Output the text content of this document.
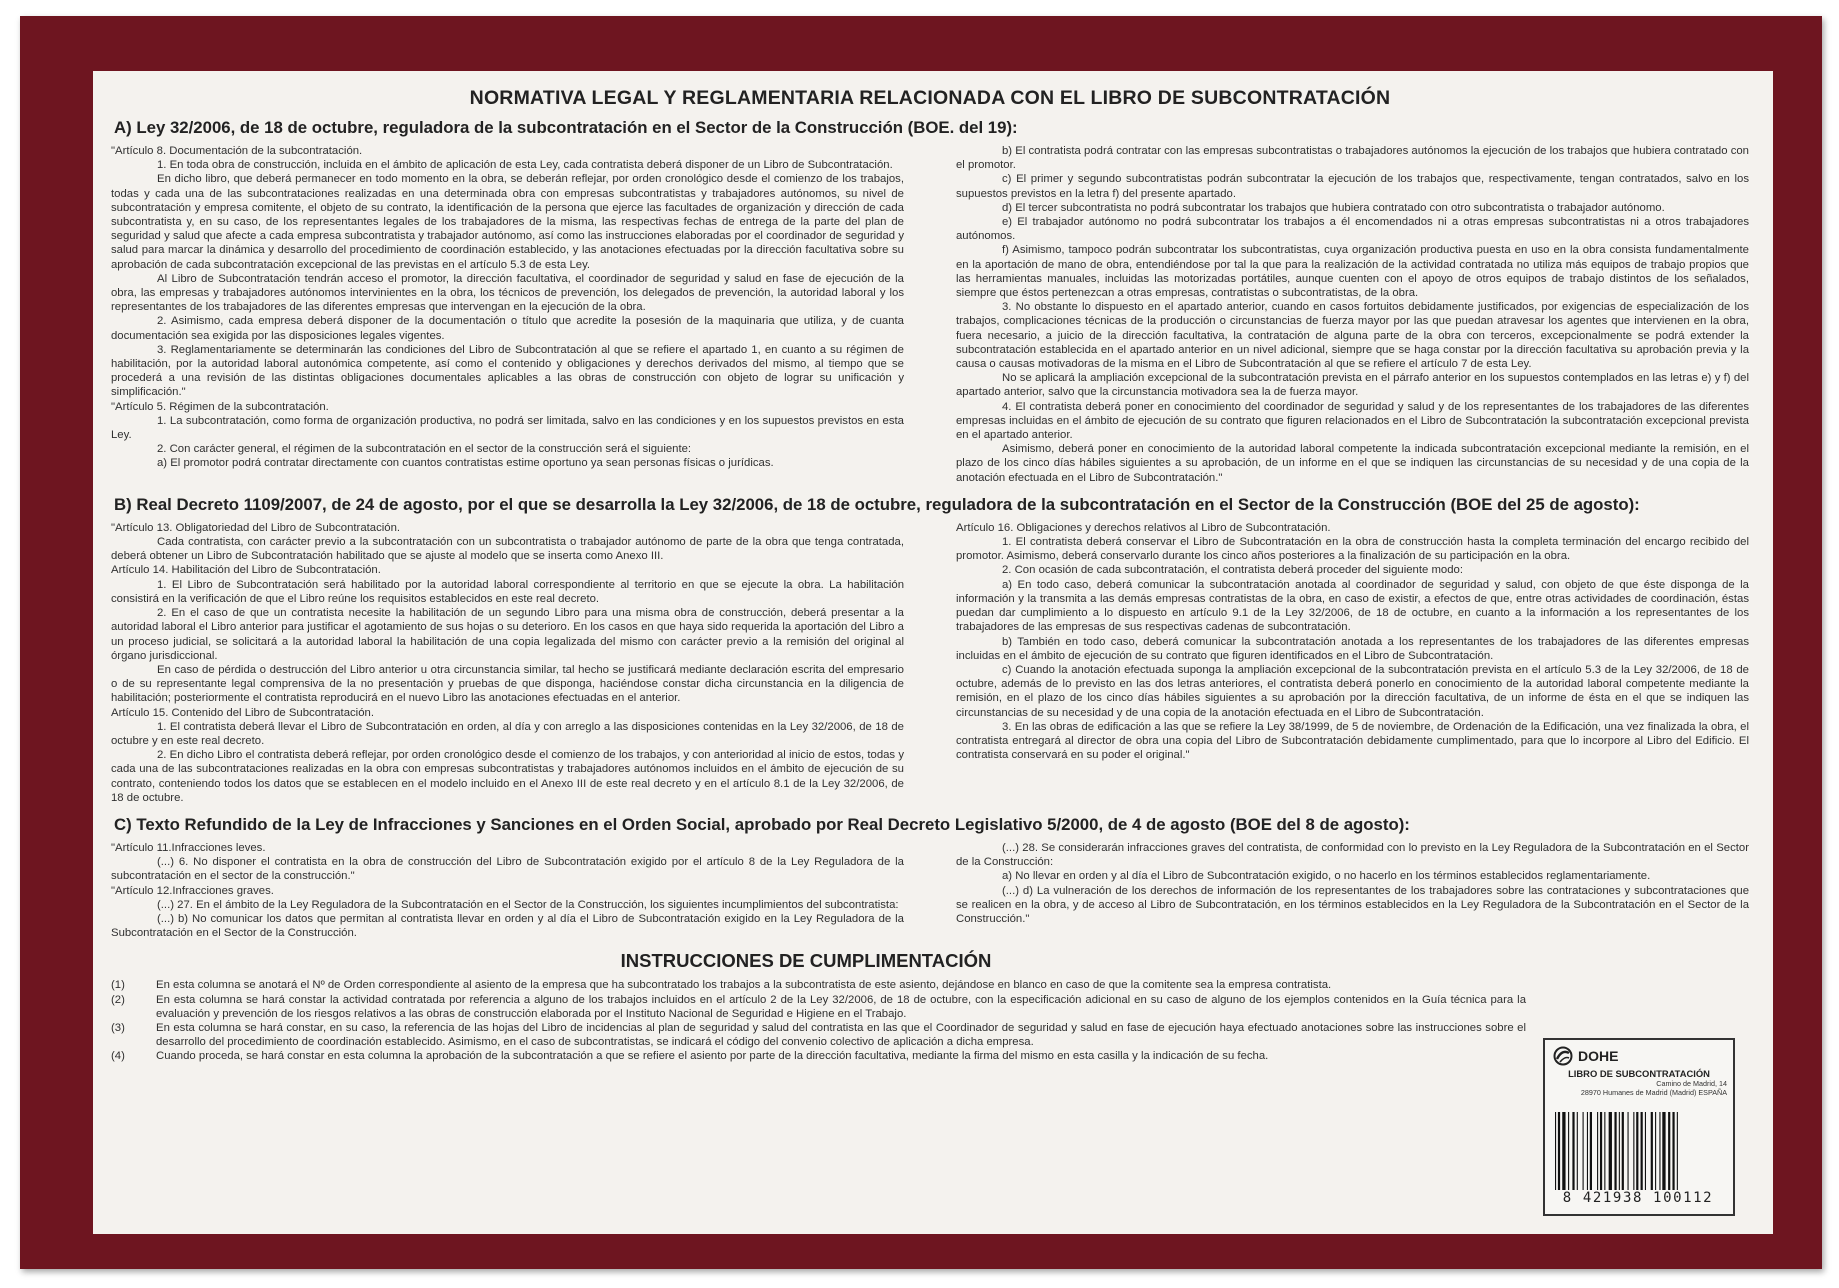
NORMATIVA LEGAL Y REGLAMENTARIA RELACIONADA CON EL LIBRO DE SUBCONTRATACIÓN
A) Ley 32/2006, de 18 de octubre, reguladora de la subcontratación en el Sector de la Construcción (BOE. del 19):

"Artículo 8. Documentación de la subcontratación.

1. En toda obra de construcción, incluida en el ámbito de aplicación de esta Ley, cada contratista deberá disponer de un Libro de Subcontratación.

En dicho libro, que deberá permanecer en todo momento en la obra, se deberán reflejar, por orden cronológico desde el comienzo de los trabajos, todas y cada una de las subcontrataciones realizadas en una determinada obra con empresas subcontratistas y trabajadores autónomos, su nivel de subcontratación y empresa comitente, el objeto de su contrato, la identificación de la persona que ejerce las facultades de organización y dirección de cada subcontratista y, en su caso, de los representantes legales de los trabajadores de la misma, las respectivas fechas de entrega de la parte del plan de seguridad y salud que afecte a cada empresa subcontratista y trabajador autónomo, así como las instrucciones elaboradas por el coordinador de seguridad y salud para marcar la dinámica y desarrollo del procedimiento de coordinación establecido, y las anotaciones efectuadas por la dirección facultativa sobre su aprobación de cada subcontratación excepcional de las previstas en el artículo 5.3 de esta Ley.

Al Libro de Subcontratación tendrán acceso el promotor, la dirección facultativa, el coordinador de seguridad y salud en fase de ejecución de la obra, las empresas y trabajadores autónomos intervinientes en la obra, los técnicos de prevención, los delegados de prevención, la autoridad laboral y los representantes de los trabajadores de las diferentes empresas que intervengan en la ejecución de la obra.

2. Asimismo, cada empresa deberá disponer de la documentación o título que acredite la posesión de la maquinaria que utiliza, y de cuanta documentación sea exigida por las disposiciones legales vigentes.

3. Reglamentariamente se determinarán las condiciones del Libro de Subcontratación al que se refiere el apartado 1, en cuanto a su régimen de habilitación, por la autoridad laboral autonómica competente, así como el contenido y obligaciones y derechos derivados del mismo, al tiempo que se procederá a una revisión de las distintas obligaciones documentales aplicables a las obras de construcción con objeto de lograr su unificación y simplificación."

"Artículo 5. Régimen de la subcontratación.

1. La subcontratación, como forma de organización productiva, no podrá ser limitada, salvo en las condiciones y en los supuestos previstos en esta Ley.

2. Con carácter general, el régimen de la subcontratación en el sector de la construcción será el siguiente:

a) El promotor podrá contratar directamente con cuantos contratistas estime oportuno ya sean personas físicas o jurídicas.

b) El contratista podrá contratar con las empresas subcontratistas o trabajadores autónomos la ejecución de los trabajos que hubiera contratado con el promotor.

c) El primer y segundo subcontratistas podrán subcontratar la ejecución de los trabajos que, respectivamente, tengan contratados, salvo en los supuestos previstos en la letra f) del presente apartado.

d) El tercer subcontratista no podrá subcontratar los trabajos que hubiera contratado con otro subcontratista o trabajador autónomo.

e) El trabajador autónomo no podrá subcontratar los trabajos a él encomendados ni a otras empresas subcontratistas ni a otros trabajadores autónomos.

f) Asimismo, tampoco podrán subcontratar los subcontratistas, cuya organización productiva puesta en uso en la obra consista fundamentalmente en la aportación de mano de obra, entendiéndose por tal la que para la realización de la actividad contratada no utiliza más equipos de trabajo propios que las herramientas manuales, incluidas las motorizadas portátiles, aunque cuenten con el apoyo de otros equipos de trabajo distintos de los señalados, siempre que éstos pertenezcan a otras empresas, contratistas o subcontratistas, de la obra.

3. No obstante lo dispuesto en el apartado anterior, cuando en casos fortuitos debidamente justificados, por exigencias de especialización de los trabajos, complicaciones técnicas de la producción o circunstancias de fuerza mayor por las que puedan atravesar los agentes que intervienen en la obra, fuera necesario, a juicio de la dirección facultativa, la contratación de alguna parte de la obra con terceros, excepcionalmente se podrá extender la subcontratación establecida en el apartado anterior en un nivel adicional, siempre que se haga constar por la dirección facultativa su aprobación previa y la causa o causas motivadoras de la misma en el Libro de Subcontratación al que se refiere el artículo 7 de esta Ley.

No se aplicará la ampliación excepcional de la subcontratación prevista en el párrafo anterior en los supuestos contemplados en las letras e) y f) del apartado anterior, salvo que la circunstancia motivadora sea la de fuerza mayor.

4. El contratista deberá poner en conocimiento del coordinador de seguridad y salud y de los representantes de los trabajadores de las diferentes empresas incluidas en el ámbito de ejecución de su contrato que figuren relacionados en el Libro de Subcontratación la subcontratación excepcional prevista en el apartado anterior.

Asimismo, deberá poner en conocimiento de la autoridad laboral competente la indicada subcontratación excepcional mediante la remisión, en el plazo de los cinco días hábiles siguientes a su aprobación, de un informe en el que se indiquen las circunstancias de su necesidad y de una copia de la anotación efectuada en el Libro de Subcontratación."

B) Real Decreto 1109/2007, de 24 de agosto, por el que se desarrolla la Ley 32/2006, de 18 de octubre, reguladora de la subcontratación en el Sector de la Construcción (BOE del 25 de agosto):

"Artículo 13. Obligatoriedad del Libro de Subcontratación.

Cada contratista, con carácter previo a la subcontratación con un subcontratista o trabajador autónomo de parte de la obra que tenga contratada, deberá obtener un Libro de Subcontratación habilitado que se ajuste al modelo que se inserta como Anexo III.

Artículo 14. Habilitación del Libro de Subcontratación.

1. El Libro de Subcontratación será habilitado por la autoridad laboral correspondiente al territorio en que se ejecute la obra. La habilitación consistirá en la verificación de que el Libro reúne los requisitos establecidos en este real decreto.

2. En el caso de que un contratista necesite la habilitación de un segundo Libro para una misma obra de construcción, deberá presentar a la autoridad laboral el Libro anterior para justificar el agotamiento de sus hojas o su deterioro. En los casos en que haya sido requerida la aportación del Libro a un proceso judicial, se solicitará a la autoridad laboral la habilitación de una copia legalizada del mismo con carácter previo a la remisión del original al órgano jurisdiccional.

En caso de pérdida o destrucción del Libro anterior u otra circunstancia similar, tal hecho se justificará mediante declaración escrita del empresario o de su representante legal comprensiva de la no presentación y pruebas de que disponga, haciéndose constar dicha circunstancia en la diligencia de habilitación; posteriormente el contratista reproducirá en el nuevo Libro las anotaciones efectuadas en el anterior.

Artículo 15. Contenido del Libro de Subcontratación.

1. El contratista deberá llevar el Libro de Subcontratación en orden, al día y con arreglo a las disposiciones contenidas en la Ley 32/2006, de 18 de octubre y en este real decreto.

2. En dicho Libro el contratista deberá reflejar, por orden cronológico desde el comienzo de los trabajos, y con anterioridad al inicio de estos, todas y cada una de las subcontrataciones realizadas en la obra con empresas subcontratistas y trabajadores autónomos incluidos en el ámbito de ejecución de su contrato, conteniendo todos los datos que se establecen en el modelo incluido en el Anexo III de este real decreto y en el artículo 8.1 de la Ley 32/2006, de 18 de octubre.

Artículo 16. Obligaciones y derechos relativos al Libro de Subcontratación.

1. El contratista deberá conservar el Libro de Subcontratación en la obra de construcción hasta la completa terminación del encargo recibido del promotor. Asimismo, deberá conservarlo durante los cinco años posteriores a la finalización de su participación en la obra.

2. Con ocasión de cada subcontratación, el contratista deberá proceder del siguiente modo:

a) En todo caso, deberá comunicar la subcontratación anotada al coordinador de seguridad y salud, con objeto de que éste disponga de la información y la transmita a las demás empresas contratistas de la obra, en caso de existir, a efectos de que, entre otras actividades de coordinación, éstas puedan dar cumplimiento a lo dispuesto en artículo 9.1 de la Ley 32/2006, de 18 de octubre, en cuanto a la información a los representantes de los trabajadores de las empresas de sus respectivas cadenas de subcontratación.

b) También en todo caso, deberá comunicar la subcontratación anotada a los representantes de los trabajadores de las diferentes empresas incluidas en el ámbito de ejecución de su contrato que figuren identificados en el Libro de Subcontratación.

c) Cuando la anotación efectuada suponga la ampliación excepcional de la subcontratación prevista en el artículo 5.3 de la Ley 32/2006, de 18 de octubre, además de lo previsto en las dos letras anteriores, el contratista deberá ponerlo en conocimiento de la autoridad laboral competente mediante la remisión, en el plazo de los cinco días hábiles siguientes a su aprobación por la dirección facultativa, de un informe de ésta en el que se indiquen las circunstancias de su necesidad y de una copia de la anotación efectuada en el Libro de Subcontratación.

3. En las obras de edificación a las que se refiere la Ley 38/1999, de 5 de noviembre, de Ordenación de la Edificación, una vez finalizada la obra, el contratista entregará al director de obra una copia del Libro de Subcontratación debidamente cumplimentado, para que lo incorpore al Libro del Edificio. El contratista conservará en su poder el original."

C) Texto Refundido de la Ley de Infracciones y Sanciones en el Orden Social, aprobado por Real Decreto Legislativo 5/2000, de 4 de agosto (BOE del 8 de agosto):

"Artículo 11.Infracciones leves.

(...) 6. No disponer el contratista en la obra de construcción del Libro de Subcontratación exigido por el artículo 8 de la Ley Reguladora de la subcontratación en el sector de la construcción."

"Artículo 12.Infracciones graves.

(...) 27. En el ámbito de la Ley Reguladora de la Subcontratación en el Sector de la Construcción, los siguientes incumplimientos del subcontratista:

(...) b) No comunicar los datos que permitan al contratista llevar en orden y al día el Libro de Subcontratación exigido en la Ley Reguladora de la Subcontratación en el Sector de la Construcción.

(...) 28. Se considerarán infracciones graves del contratista, de conformidad con lo previsto en la Ley Reguladora de la Subcontratación en el Sector de la Construcción:

a) No llevar en orden y al día el Libro de Subcontratación exigido, o no hacerlo en los términos establecidos reglamentariamente.

(...) d) La vulneración de los derechos de información de los representantes de los trabajadores sobre las contrataciones y subcontrataciones que se realicen en la obra, y de acceso al Libro de Subcontratación, en los términos establecidos en la Ley Reguladora de la Subcontratación en el Sector de la Construcción."

INSTRUCCIONES DE CUMPLIMENTACIÓN
(1)	En esta columna se anotará el Nº de Orden correspondiente al asiento de la empresa que ha subcontratado los trabajos a la subcontratista de este asiento, dejándose en blanco en caso de que la comitente sea la empresa contratista.
(2)	En esta columna se hará constar la actividad contratada por referencia a alguno de los trabajos incluidos en el artículo 2 de la Ley 32/2006, de 18 de octubre, con la especificación adicional en su caso de alguno de los ejemplos contenidos en la Guía técnica para la evaluación y prevención de los riesgos relativos a las obras de construcción elaborada por el Instituto Nacional de Seguridad e Higiene en el Trabajo.
(3)	En esta columna se hará constar, en su caso, la referencia de las hojas del Libro de incidencias al plan de seguridad y salud del contratista en las que el Coordinador de seguridad y salud en fase de ejecución haya efectuado anotaciones sobre las instrucciones sobre el desarrollo del procedimiento de coordinación establecido. Asimismo, en el caso de subcontratistas, se indicará el código del convenio colectivo de aplicación a dicha empresa.
(4)	Cuando proceda, se hará constar en esta columna la aprobación de la subcontratación a que se refiere el asiento por parte de la dirección facultativa, mediante la firma del mismo en esta casilla y la indicación de su fecha.	DOHE
LIBRO DE SUBCONTRATACIÓN
Camino de Madrid, 14
28970 Humanes de Madrid (Madrid) ESPAÑA
8 421938 100112
